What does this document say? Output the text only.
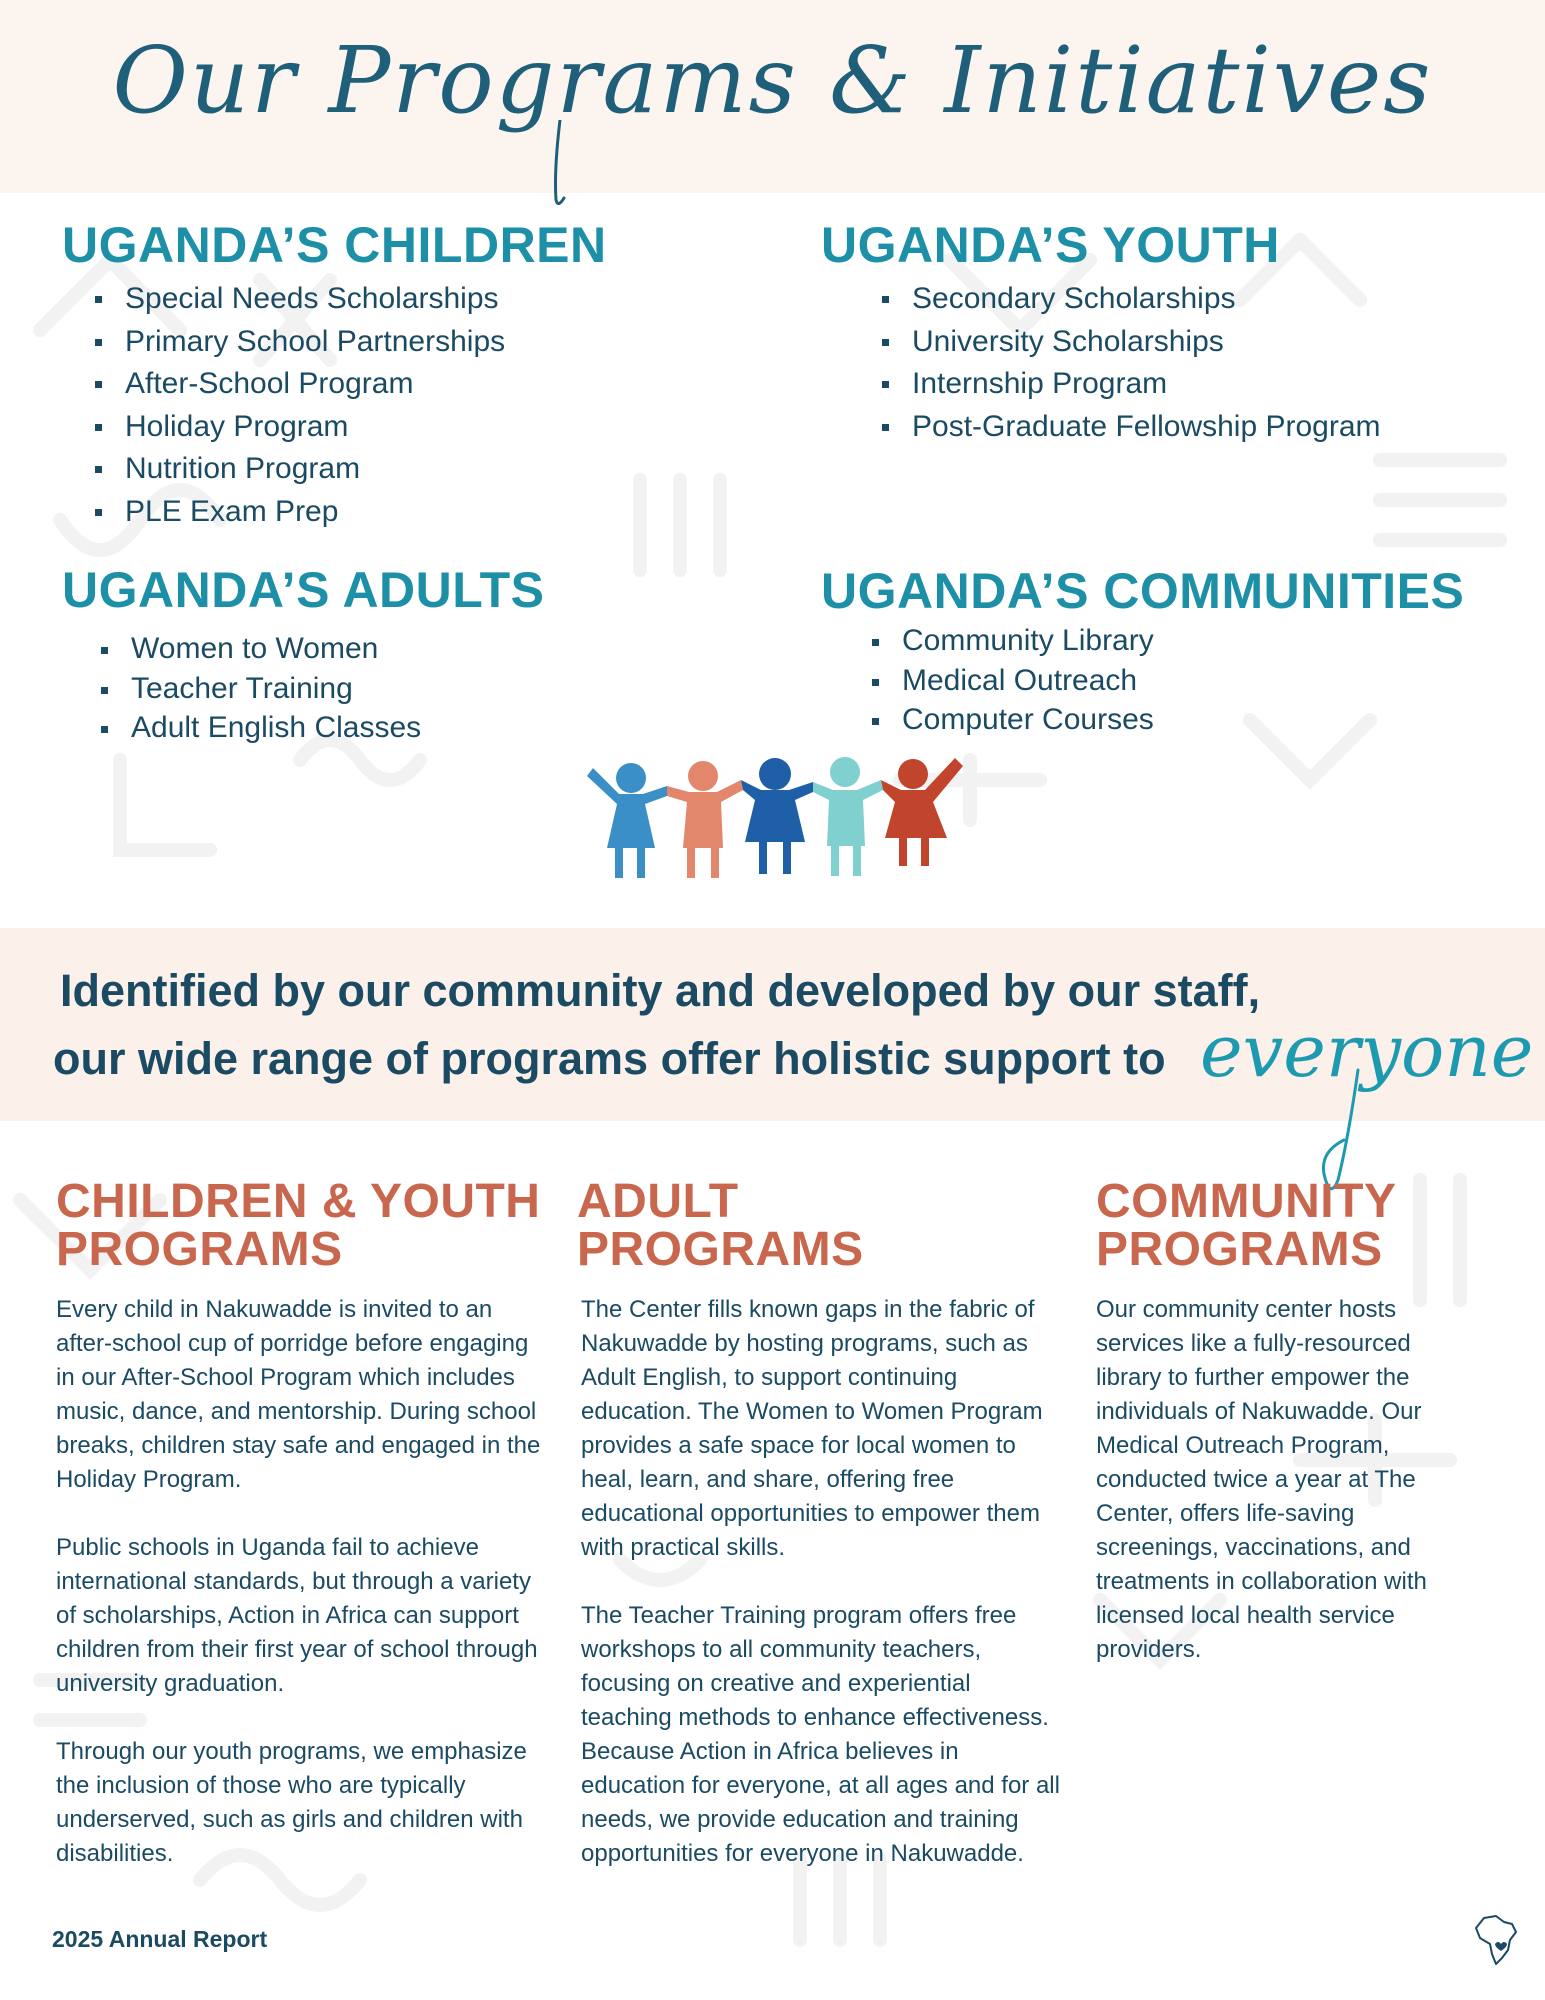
Our Programs & Initiatives
UGANDA’S CHILDREN
Special Needs Scholarships
Primary School Partnerships
After-School Program
Holiday Program
Nutrition Program
PLE Exam Prep
UGANDA’S YOUTH
Secondary Scholarships
University Scholarships
Internship Program
Post-Graduate Fellowship Program
UGANDA’S ADULTS
Women to Women
Teacher Training
Adult English Classes
UGANDA’S COMMUNITIES
Community Library
Medical Outreach
Computer Courses
Identified by our community and developed by our staff,
our wide range of programs offer holistic support to everyone
CHILDREN & YOUTH PROGRAMS
ADULT PROGRAMS
COMMUNITY PROGRAMS
Every child in Nakuwadde is invited to an after-school cup of porridge before engaging in our After-School Program which includes music, dance, and mentorship. During school breaks, children stay safe and engaged in the Holiday Program.

Public schools in Uganda fail to achieve international standards, but through a variety of scholarships, Action in Africa can support children from their first year of school through university graduation.

Through our youth programs, we emphasize the inclusion of those who are typically underserved, such as girls and children with disabilities.
The Center fills known gaps in the fabric of Nakuwadde by hosting programs, such as Adult English, to support continuing education. The Women to Women Program provides a safe space for local women to heal, learn, and share, offering free educational opportunities to empower them with practical skills.

The Teacher Training program offers free workshops to all community teachers, focusing on creative and experiential teaching methods to enhance effectiveness. Because Action in Africa believes in education for everyone, at all ages and for all needs, we provide education and training opportunities for everyone in Nakuwadde.
Our community center hosts services like a fully-resourced library to further empower the individuals of Nakuwadde. Our Medical Outreach Program, conducted twice a year at The Center, offers life-saving screenings, vaccinations, and treatments in collaboration with licensed local health service providers.
2025 Annual Report
